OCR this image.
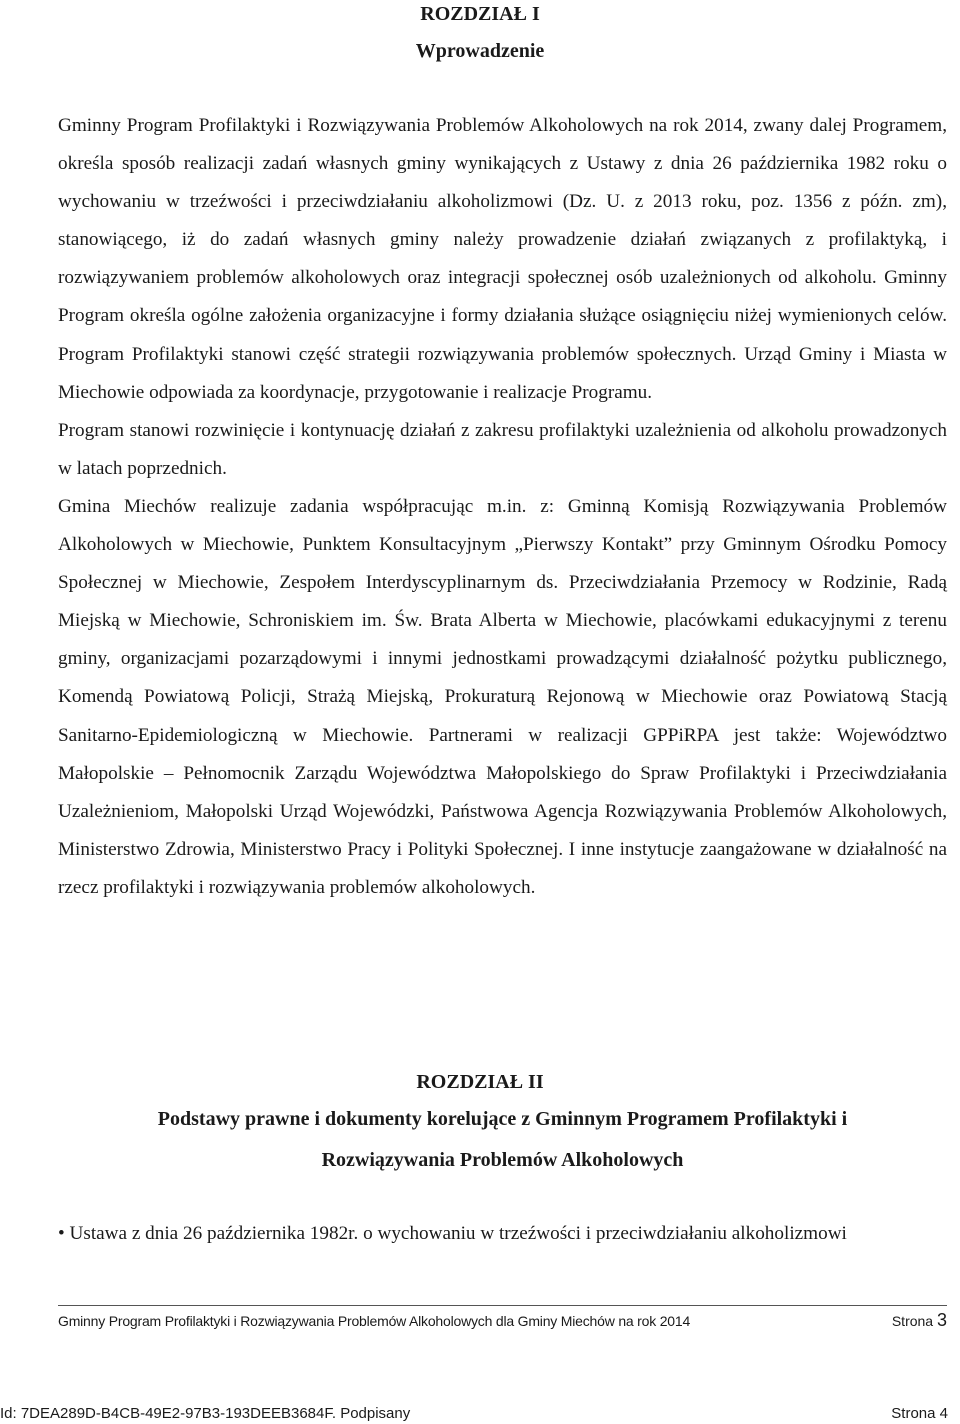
ROZDZIAŁ I
Wprowadzenie

Gminny Program Profilaktyki i Rozwiązywania Problemów Alkoholowych na rok 2014, zwany dalej Programem, określa sposób realizacji zadań własnych gminy wynikających z Ustawy z dnia 26 października 1982 roku o wychowaniu w trzeźwości i przeciwdziałaniu alkoholizmowi (Dz. U. z 2013 roku, poz. 1356 z późn. zm), stanowiącego, iż do zadań własnych gminy należy prowadzenie działań związanych z profilaktyką, i rozwiązywaniem problemów alkoholowych oraz integracji społecznej osób uzależnionych od alkoholu. Gminny Program określa ogólne założenia organizacyjne i formy działania służące osiągnięciu niżej wymienionych celów. Program Profilaktyki stanowi część strategii rozwiązywania problemów społecznych. Urząd Gminy i Miasta w Miechowie odpowiada za koordynacje, przygotowanie i realizacje Programu.

Program stanowi rozwinięcie i kontynuację działań z zakresu profilaktyki uzależnienia od alkoholu prowadzonych w latach poprzednich.

Gmina Miechów realizuje zadania współpracując m.in. z: Gminną Komisją Rozwiązywania Problemów Alkoholowych w Miechowie, Punktem Konsultacyjnym „Pierwszy Kontakt” przy Gminnym Ośrodku Pomocy Społecznej w Miechowie, Zespołem Interdyscyplinarnym ds. Przeciwdziałania Przemocy w Rodzinie, Radą Miejską w Miechowie, Schroniskiem im. Św. Brata Alberta w Miechowie, placówkami edukacyjnymi z terenu gminy, organizacjami pozarządowymi i innymi jednostkami prowadzącymi działalność pożytku publicznego, Komendą Powiatową Policji, Strażą Miejską, Prokuraturą Rejonową w Miechowie oraz Powiatową Stacją Sanitarno-Epidemiologiczną w Miechowie. Partnerami w realizacji GPPiRPA jest także: Województwo Małopolskie – Pełnomocnik Zarządu Województwa Małopolskiego do Spraw Profilaktyki i Przeciwdziałania Uzależnieniom, Małopolski Urząd Wojewódzki, Państwowa Agencja Rozwiązywania Problemów Alkoholowych, Ministerstwo Zdrowia, Ministerstwo Pracy i Polityki Społecznej. I inne instytucje zaangażowane w działalność na rzecz profilaktyki i rozwiązywania problemów alkoholowych.

ROZDZIAŁ II
Podstawy prawne i dokumenty korelujące z Gminnym Programem Profilaktyki i
Rozwiązywania Problemów Alkoholowych

• Ustawa z dnia 26 października 1982r. o wychowaniu w trzeźwości i przeciwdziałaniu alkoholizmowi

Gminny Program Profilaktyki i Rozwiązywania Problemów Alkoholowych dla Gminy Miechów na rok 2014	Strona 3
Id: 7DEA289D-B4CB-49E2-97B3-193DEEB3684F. Podpisany	Strona 4
